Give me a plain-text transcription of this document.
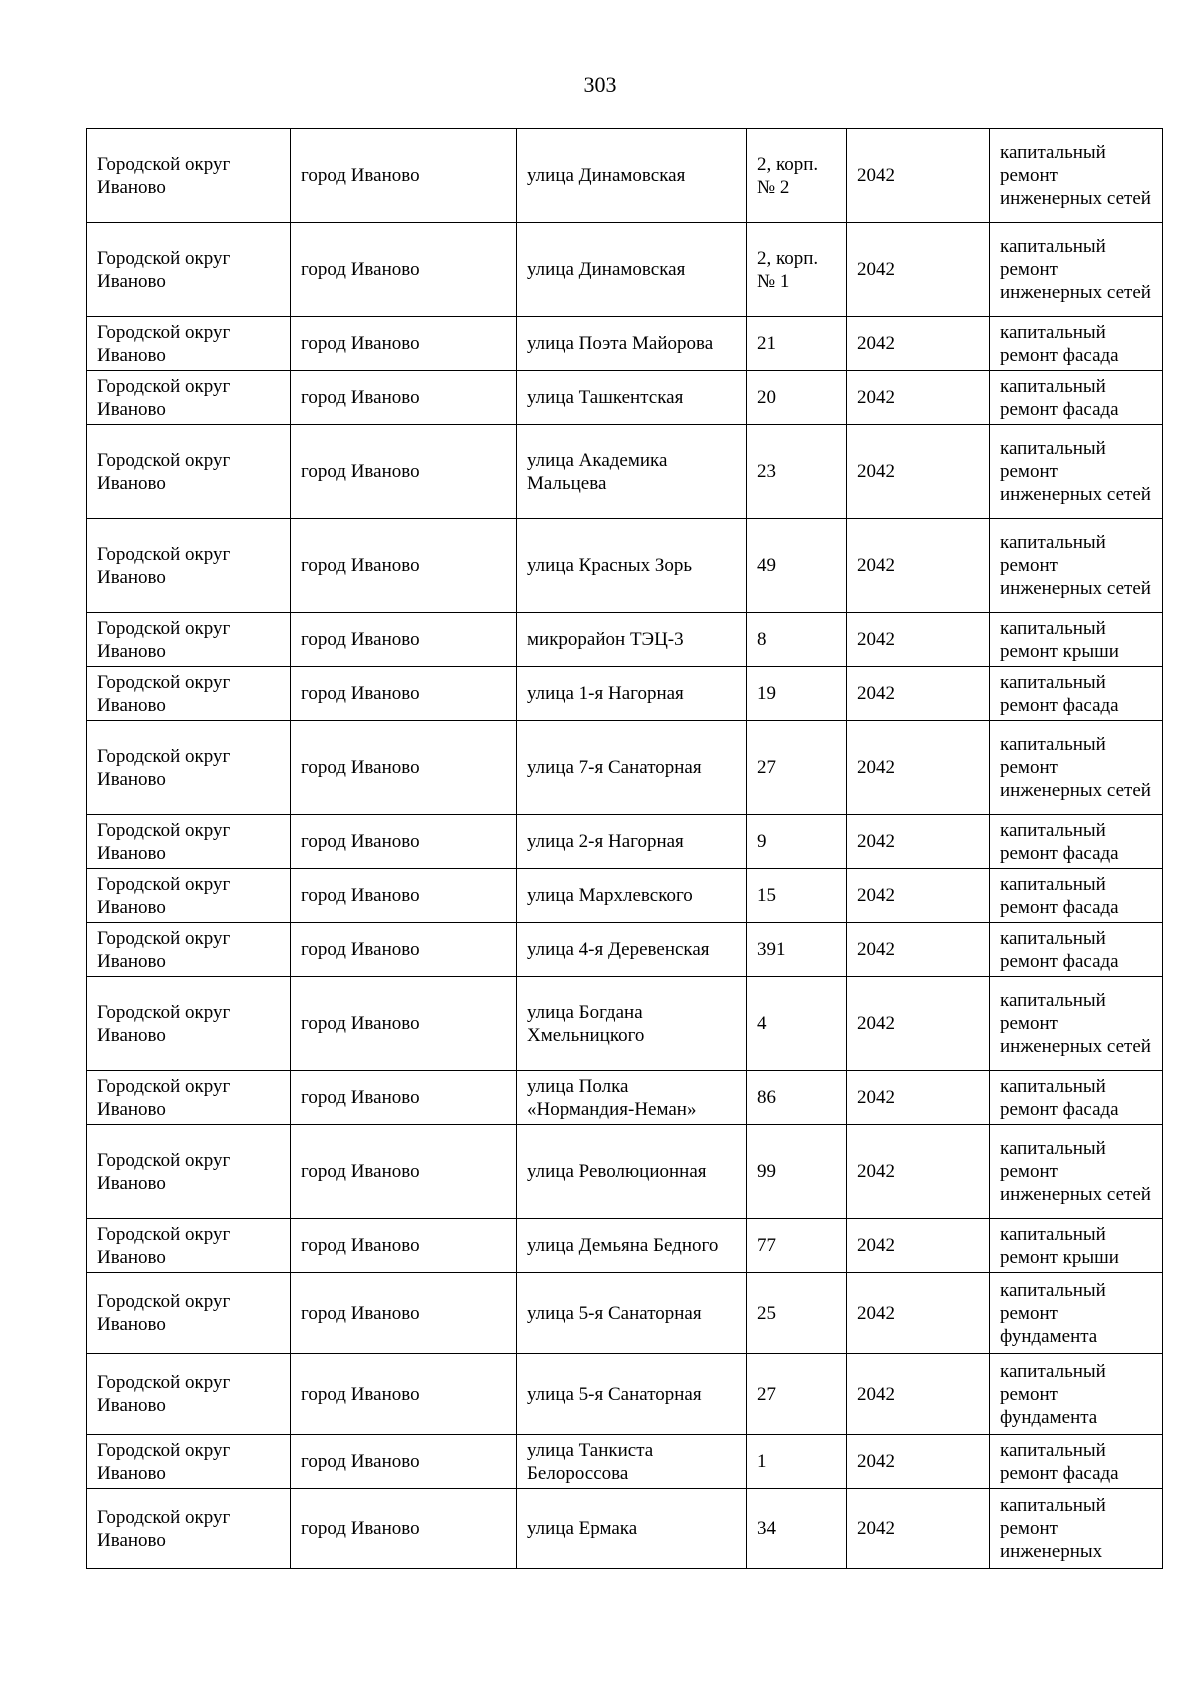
303
Городской округ Иваново	город Иваново	улица Динамовская	2, корп. № 2	2042	капитальный ремонт инженерных сетей
Городской округ Иваново	город Иваново	улица Динамовская	2, корп. № 1	2042	капитальный ремонт инженерных сетей
Городской округ Иваново	город Иваново	улица Поэта Майорова	21	2042	капитальный ремонт фасада
Городской округ Иваново	город Иваново	улица Ташкентская	20	2042	капитальный ремонт фасада
Городской округ Иваново	город Иваново	улица Академика Мальцева	23	2042	капитальный ремонт инженерных сетей
Городской округ Иваново	город Иваново	улица Красных Зорь	49	2042	капитальный ремонт инженерных сетей
Городской округ Иваново	город Иваново	микрорайон ТЭЦ-3	8	2042	капитальный ремонт крыши
Городской округ Иваново	город Иваново	улица 1-я Нагорная	19	2042	капитальный ремонт фасада
Городской округ Иваново	город Иваново	улица 7-я Санаторная	27	2042	капитальный ремонт инженерных сетей
Городской округ Иваново	город Иваново	улица 2-я Нагорная	9	2042	капитальный ремонт фасада
Городской округ Иваново	город Иваново	улица Мархлевского	15	2042	капитальный ремонт фасада
Городской округ Иваново	город Иваново	улица 4-я Деревенская	391	2042	капитальный ремонт фасада
Городской округ Иваново	город Иваново	улица Богдана Хмельницкого	4	2042	капитальный ремонт инженерных сетей
Городской округ Иваново	город Иваново	улица Полка «Нормандия-Неман»	86	2042	капитальный ремонт фасада
Городской округ Иваново	город Иваново	улица Революционная	99	2042	капитальный ремонт инженерных сетей
Городской округ Иваново	город Иваново	улица Демьяна Бедного	77	2042	капитальный ремонт крыши
Городской округ Иваново	город Иваново	улица 5-я Санаторная	25	2042	капитальный ремонт фундамента
Городской округ Иваново	город Иваново	улица 5-я Санаторная	27	2042	капитальный ремонт фундамента
Городской округ Иваново	город Иваново	улица Танкиста Белороссова	1	2042	капитальный ремонт фасада
Городской округ Иваново	город Иваново	улица Ермака	34	2042	капитальный ремонт инженерных
